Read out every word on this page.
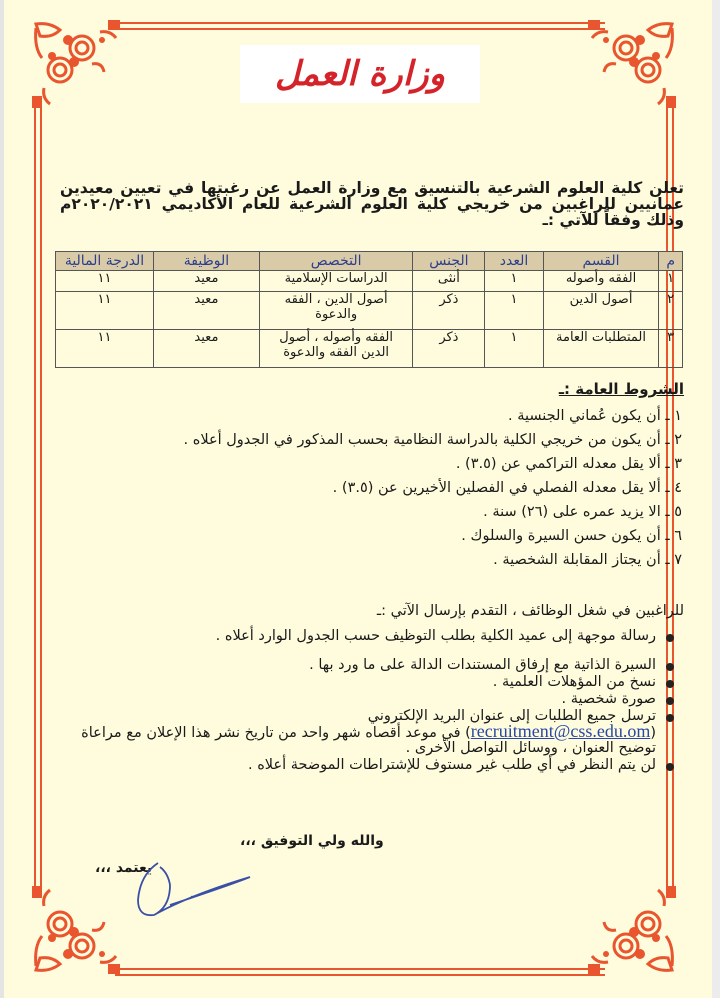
وزارة العمل
تعلن كلية العلوم الشرعية بالتنسيق مع وزارة العمل عن رغبتها في تعيين معيدين عمانيين للراغبين من خريجي كلية العلوم الشرعية للعام الأكاديمي ٢٠٢٠/٢٠٢١م وذلك وفقاً للآتي :ـ
م	القسم	العدد	الجنس	التخصص	الوظيفة	الدرجة المالية
١	الفقه وأصوله	١	أنثى	الدراسات الإسلامية	معيد	١١
٢	أصول الدين	١	ذكر	أصول الدين ، الفقه والدعوة	معيد	١١
٣	المتطلبات العامة	١	ذكر	الفقه وأصوله ، أصول الدين الفقه والدعوة	معيد	١١
الشروط العامة :ـ
١ ـ أن يكون عُماني الجنسية .
٢ ـ أن يكون من خريجي الكلية بالدراسة النظامية بحسب المذكور في الجدول أعلاه .
٣ ـ ألا يقل معدله التراكمي عن (٣.٥) .
٤ ـ ألا يقل معدله الفصلي في الفصلين الأخيرين عن (٣.٥) .
٥ ـ الا يزيد عمره على (٢٦) سنة .
٦ ـ أن يكون حسن السيرة والسلوك .
٧ ـ أن يجتاز المقابلة الشخصية .
للراغبين في شغل الوظائف ، التقدم بإرسال الآتي :ـ
رسالة موجهة إلى عميد الكلية بطلب التوظيف حسب الجدول الوارد أعلاه .
السيرة الذاتية مع إرفاق المستندات الدالة على ما ورد بها .
نسخ من المؤهلات العلمية .
صورة شخصية .
ترسل جميع الطلبات إلى عنوان البريد الإلكتروني
(recruitment@css.edu.om) في موعد أقصاه شهر واحد من تاريخ نشر هذا الإعلان مع مراعاة توضيح العنوان ، ووسائل التواصل الأخرى .
لن يتم النظر في أي طلب غير مستوف للإشتراطات الموضحة أعلاه .
والله ولي التوفيق ،،،
يعتمد ،،،
